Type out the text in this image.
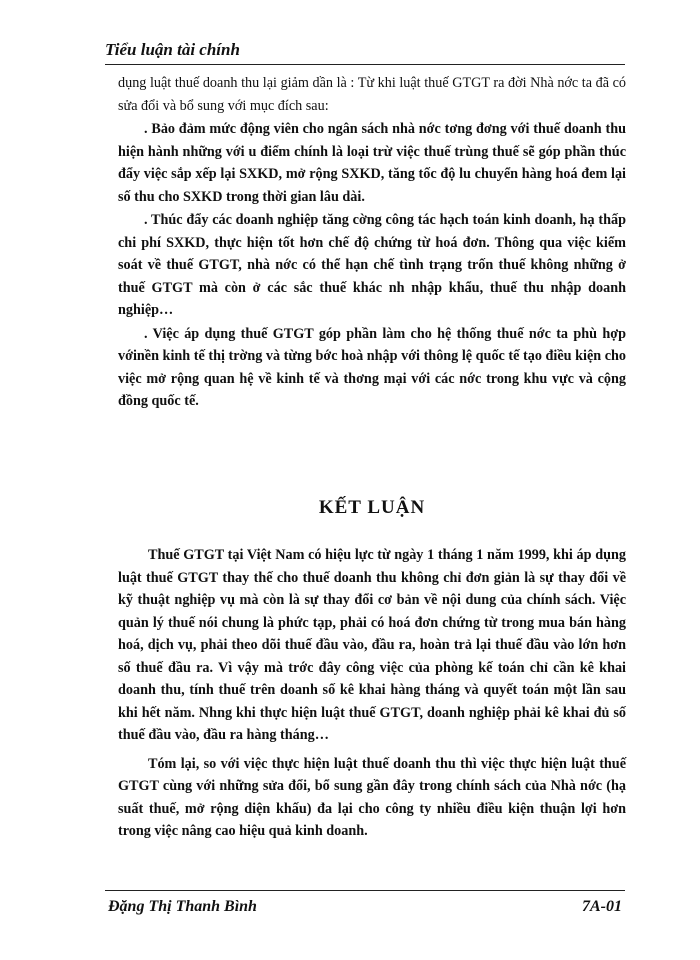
Tiểu luận tài chính

dụng luật thuế doanh thu lại giảm dần là : Từ khi luật thuế GTGT ra đời Nhà nớc ta đã có sửa đổi và bổ sung với mục đích sau:

. Bảo đảm mức động viên cho ngân sách nhà nớc tơng đơng với thuế doanh thu hiện hành những với u điểm chính là loại trừ việc thuế trùng thuế sẽ góp phần thúc đẩy việc sắp xếp lại SXKD, mở rộng SXKD, tăng tốc độ lu chuyển hàng hoá đem lại số thu cho SXKD trong thời gian lâu dài.

. Thúc đẩy các doanh nghiệp tăng cờng công tác hạch toán kinh doanh, hạ thấp chi phí SXKD, thực hiện tốt hơn chế độ chứng từ hoá đơn. Thông qua việc kiểm soát về thuế GTGT, nhà nớc có thể hạn chế tình trạng trốn thuế không những ở thuế GTGT mà còn ở các sắc thuế khác nh nhập khẩu, thuế thu nhập doanh nghiệp…

. Việc áp dụng thuế GTGT góp phần làm cho hệ thống thuế nớc ta phù hợp vớinền kinh tế thị trờng và từng bớc hoà nhập với thông lệ quốc tế tạo điều kiện cho việc mở rộng quan hệ về kinh tế và thơng mại với các nớc trong khu vực và cộng đồng quốc tế.

KẾT LUẬN

Thuế GTGT tại Việt Nam có hiệu lực từ ngày 1 tháng 1 năm 1999, khi áp dụng luật thuế GTGT thay thế cho thuế doanh thu không chỉ đơn giản là sự thay đổi về kỹ thuật nghiệp vụ mà còn là sự thay đổi cơ bản về nội dung của chính sách. Việc quản lý thuế nói chung là phức tạp, phải có hoá đơn chứng từ trong mua bán hàng hoá, dịch vụ, phải theo dõi thuế đầu vào, đầu ra, hoàn trả lại thuế đầu vào lớn hơn số thuế đầu ra. Vì vậy mà trớc đây công việc của phòng kế toán chỉ cần kê khai doanh thu, tính thuế trên doanh số kê khai hàng tháng và quyết toán một lần sau khi hết năm. Nhng khi thực hiện luật thuế GTGT, doanh nghiệp phải kê khai đủ số thuế đầu vào, đầu ra hàng tháng…

Tóm lại, so với việc thực hiện luật thuế doanh thu thì việc thực hiện luật thuế GTGT cùng với những sửa đổi, bổ sung gần đây trong chính sách của Nhà nớc (hạ suất thuế, mở rộng diện khấu) đa lại cho công ty nhiều điều kiện thuận lợi hơn trong việc nâng cao hiệu quả kinh doanh.

Đặng Thị Thanh Bình	7A-01
